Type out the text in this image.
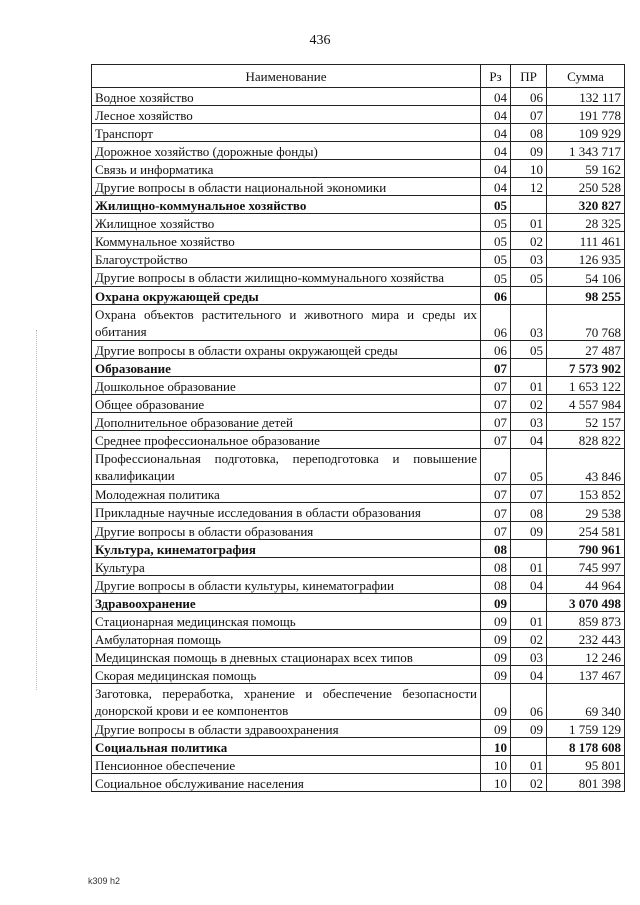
436
Наименование	Рз	ПР	Сумма
Водное хозяйство	04	06	132 117
Лесное хозяйство	04	07	191 778
Транспорт	04	08	109 929
Дорожное хозяйство (дорожные фонды)	04	09	1 343 717
Связь и информатика	04	10	59 162
Другие вопросы в области национальной экономики	04	12	250 528
Жилищно-коммунальное хозяйство	05		320 827
Жилищное хозяйство	05	01	28 325
Коммунальное хозяйство	05	02	111 461
Благоустройство	05	03	126 935
Другие вопросы в области жилищно-коммунального хозяйства	05	05	54 106
Охрана окружающей среды	06		98 255
Охрана объектов растительного и животного мира и среды их обитания	06	03	70 768
Другие вопросы в области охраны окружающей среды	06	05	27 487
Образование	07		7 573 902
Дошкольное образование	07	01	1 653 122
Общее образование	07	02	4 557 984
Дополнительное образование детей	07	03	52 157
Среднее профессиональное образование	07	04	828 822
Профессиональная подготовка, переподготовка и повышение квалификации	07	05	43 846
Молодежная политика	07	07	153 852
Прикладные научные исследования в области образования	07	08	29 538
Другие вопросы в области образования	07	09	254 581
Культура, кинематография	08		790 961
Культура	08	01	745 997
Другие вопросы в области культуры, кинематографии	08	04	44 964
Здравоохранение	09		3 070 498
Стационарная медицинская помощь	09	01	859 873
Амбулаторная помощь	09	02	232 443
Медицинская помощь в дневных стационарах всех типов	09	03	12 246
Скорая медицинская помощь	09	04	137 467
Заготовка, переработка, хранение и обеспечение безопасности донорской крови и ее компонентов	09	06	69 340
Другие вопросы в области здравоохранения	09	09	1 759 129
Социальная политика	10		8 178 608
Пенсионное обеспечение	10	01	95 801
Социальное обслуживание населения	10	02	801 398
k309 h2
